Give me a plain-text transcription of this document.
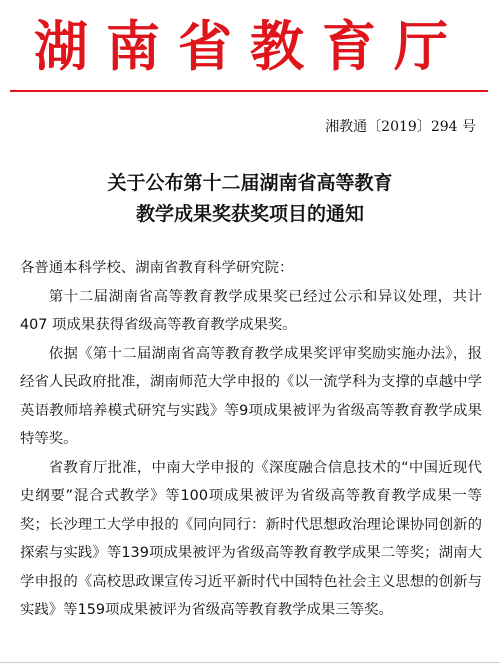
湖南省教育厅
湘教通〔2019〕294 号
关于公布第十二届湖南省高等教育
教学成果奖获奖项目的通知

各普通本科学校、湖南省教育科学研究院：

第十二届湖南省高等教育教学成果奖已经过公示和异议处理，共计 407 项成果获得省级高等教育教学成果奖。

依据《第十二届湖南省高等教育教学成果奖评审奖励实施办法》，报经省人民政府批准，湖南师范大学申报的《以一流学科为支撑的卓越中学英语教师培养模式研究与实践》等9项成果被评为省级高等教育教学成果特等奖。

省教育厅批准，中南大学申报的《深度融合信息技术的“中国近现代史纲要”混合式教学》等100项成果被评为省级高等教育教学成果一等奖；长沙理工大学申报的《同向同行：新时代思想政治理论课协同创新的探索与实践》等139项成果被评为省级高等教育教学成果二等奖；湖南大学申报的《高校思政课宣传习近平新时代中国特色社会主义思想的创新与实践》等159项成果被评为省级高等教育教学成果三等奖。
